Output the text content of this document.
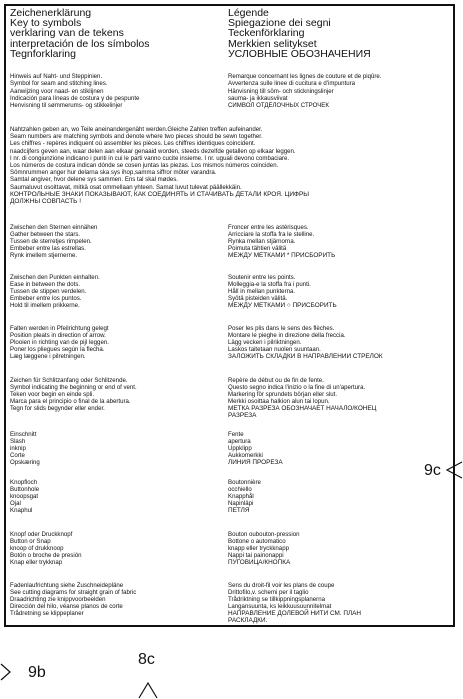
Zeichenerklärung
Key to symbols
verklaring van de tekens
interpretación de los símbolos
Tegnforklaring
Légende
Spiegazione dei segni
Teckenförklaring
Merkkien selitykset
УСЛОВНЫЕ ОБОЗНАЧЕНИЯ
Hinweis auf Naht- und Steppinien.
Symbol for seam and stitching lines.
Aanwijzing voor naad- en stiklijnen
Indicación para líneas de costura y de pespunte
Henvisning til sømmerums- og stikkelinjer
Remarque concernant les lignes de couture et de piqûre.
Avvertenza sulle linee di cucitura e d'impuntura
Hänvisning till söm- och stickningslinjer
sauma- ja ikkausviivat
СИМВОЛ ОТДЕЛОЧНЫХ СТРОЧЕК
Nahtzahlen geben an, wo Teile aneinandergenäht werden.Gleiche Zahlen treffen aufeinander.
Seam numbers are matching symbols and denote where two pieces should be sewn together.
Les chiffres - repères indiquent où assembler les pièces. Les chiffres identiques coincident.
naadcijfers geven aan, waar delen aan elkaar genaaid worden, steeds dezelfde getallen op elkaar leggen.
I nr. di congiunzione indicano i punti in cui le parti vanno cucite insieme. I nr. uguali devono combaciare.
Los números de costura indican dónde se cosen juntas las piezas. Los mismos números coinciden.
Sömnrummen anger hur delarna ska sys ihop,samma siffror möter varandra.
Samtal angiver, hvor delene sys sammen. Ens tal skal mødes.
Saumaluvut osoittavat, mitkä osat ommellaan yhteen. Samat luvut tulevat päällekkäin.
КОНТРОЛЬНЫЕ ЗНАКИ ПОКАЗЫВАЮТ, КАК СОЕДИНЯТЬ И СТАЧИВАТЬ ДЕТАЛИ КРОЯ. ЦИФРЫ
ДОЛЖНЫ СОВПАСТЬ !
Zwischen den Sternen einnähen
Gather between the stars.
Tussen de sterretjes rimpelen.
Embeber entre las estrellas.
Rynk imellem stjernerne.
Froncer entre les astérisques.
Arricciare la stoffa fra le stelline.
Rynka mellan stjärnorna.
Poimuta tähtien välitä
МЕЖДУ МЕТКАМИ * ПРИСБОРИТЬ
Zwischen den Punkten einhalten.
Ease in between the dots.
Tussen de stippen verdelen.
Embeber entre los puntos.
Hold til imellem prikkerne.
Soutenir entre les points.
Molleggia-e la stoffa fra i punti.
Håll in mellan punkterna.
Syötä pisteiden välitä.
МЕЖДУ МЕТКАМИ ○ ПРИСБОРИТЬ
Falten werden in Pfeilrichtung gelegt
Position pleats in direction of arrow.
Plooien in richting van de pijl leggen.
Poner los pliegues según la flecha.
Læg læggene i pilretningen.
Poser les plis dans le sens des flèches.
Montare le pieghe in direzione della freccia.
Lägg vecken i pilriktningen.
Laskos taitetaan nuolen suuntaan.
ЗАЛОЖИТЬ СКЛАДКИ В НАПРАВЛЕНИИ СТРЕЛОК
Zeichen für Schlitzanfang oder Schlitzende.
Symbol indicating the beginning or end of vent.
Teken voor begin en einde spli.
Marca para el principio o final de la abertura.
Tegn for slids begynder eller ender.
Repère de début ou de fin de fente.
Questo segno indica l'inizio o la fine di un'apertura.
Markering för sprundets början eller slut.
Merkki osoittaa halkion alun tai lopun.
МЕТКА РАЗРЕЗА ОБОЗНАЧАЕТ НАЧАЛО/КОНЕЦ
РАЗРЕЗА
Einschnitt
Slash
inknip
Corte
Opskæring
Fente
apertura
Uppklipp
Aukkomerkki
ЛИНИЯ ПРОРЕЗА
Knopfloch
Buttonhole
knoopsgat
Ojal
Knaphul
Boutonnière
occhiello
Knapphål
Napinläpi
ПЕТЛЯ
Knopf oder Druckknopf
Button or Snap
knoop of drukknoop
Botón o broche de presión
Knap eller trykknap
Bouton oubouton-pression
Bottone o automatico
knapp eller tryckknapp
Nappi tai painonappi
ПУГОВИЦА/КНОПКА
Fadenlaufrichtung siehe Zuschneidepläne
See cutting diagrams for straight grain of fabric
Draadrichting zie knippvoorbeelden
Dirección del hilo, véanse planos de corte
Trådretning se klippeplaner
Sens du droit-fil voir les plans de coupe
Drittofilo,v. schemi per il taglio
Trådriktning se tillkippningsplanerna
Langansuunta, ks leikkuusuunnitelmat
НАПРАВЛЕНИЕ ДОЛЕВОЙ НИТИ СМ. ПЛАН
РАСКЛАДКИ.
9c
9b
8c
